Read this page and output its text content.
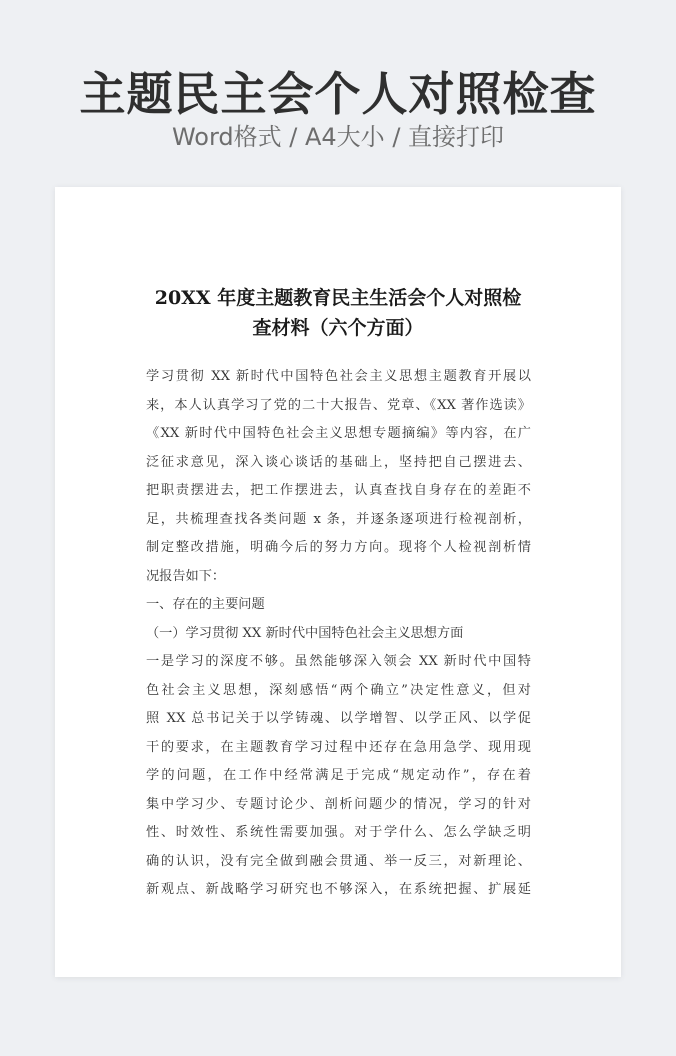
主题民主会个人对照检查
Word格式 / A4大小 / 直接打印
20XX 年度主题教育民主生活会个人对照检
查材料（六个方面）
学习贯彻 XX 新时代中国特色社会主义思想主题教育开展以
来，本人认真学习了党的二十大报告、党章、《XX 著作选读》
《XX 新时代中国特色社会主义思想专题摘编》等内容，在广
泛征求意见，深入谈心谈话的基础上，坚持把自己摆进去、
把职责摆进去，把工作摆进去，认真查找自身存在的差距不
足，共梳理查找各类问题 x 条，并逐条逐项进行检视剖析，
制定整改措施，明确今后的努力方向。现将个人检视剖析情
况报告如下：
一、存在的主要问题
（一）学习贯彻 XX 新时代中国特色社会主义思想方面
一是学习的深度不够。虽然能够深入领会 XX 新时代中国特
色社会主义思想，深刻感悟“两个确立”决定性意义，但对
照 XX 总书记关于以学铸魂、以学增智、以学正风、以学促
干的要求，在主题教育学习过程中还存在急用急学、现用现
学的问题，在工作中经常满足于完成“规定动作”，存在着
集中学习少、专题讨论少、剖析问题少的情况，学习的针对
性、时效性、系统性需要加强。对于学什么、怎么学缺乏明
确的认识，没有完全做到融会贯通、举一反三，对新理论、
新观点、新战略学习研究也不够深入，在系统把握、扩展延
